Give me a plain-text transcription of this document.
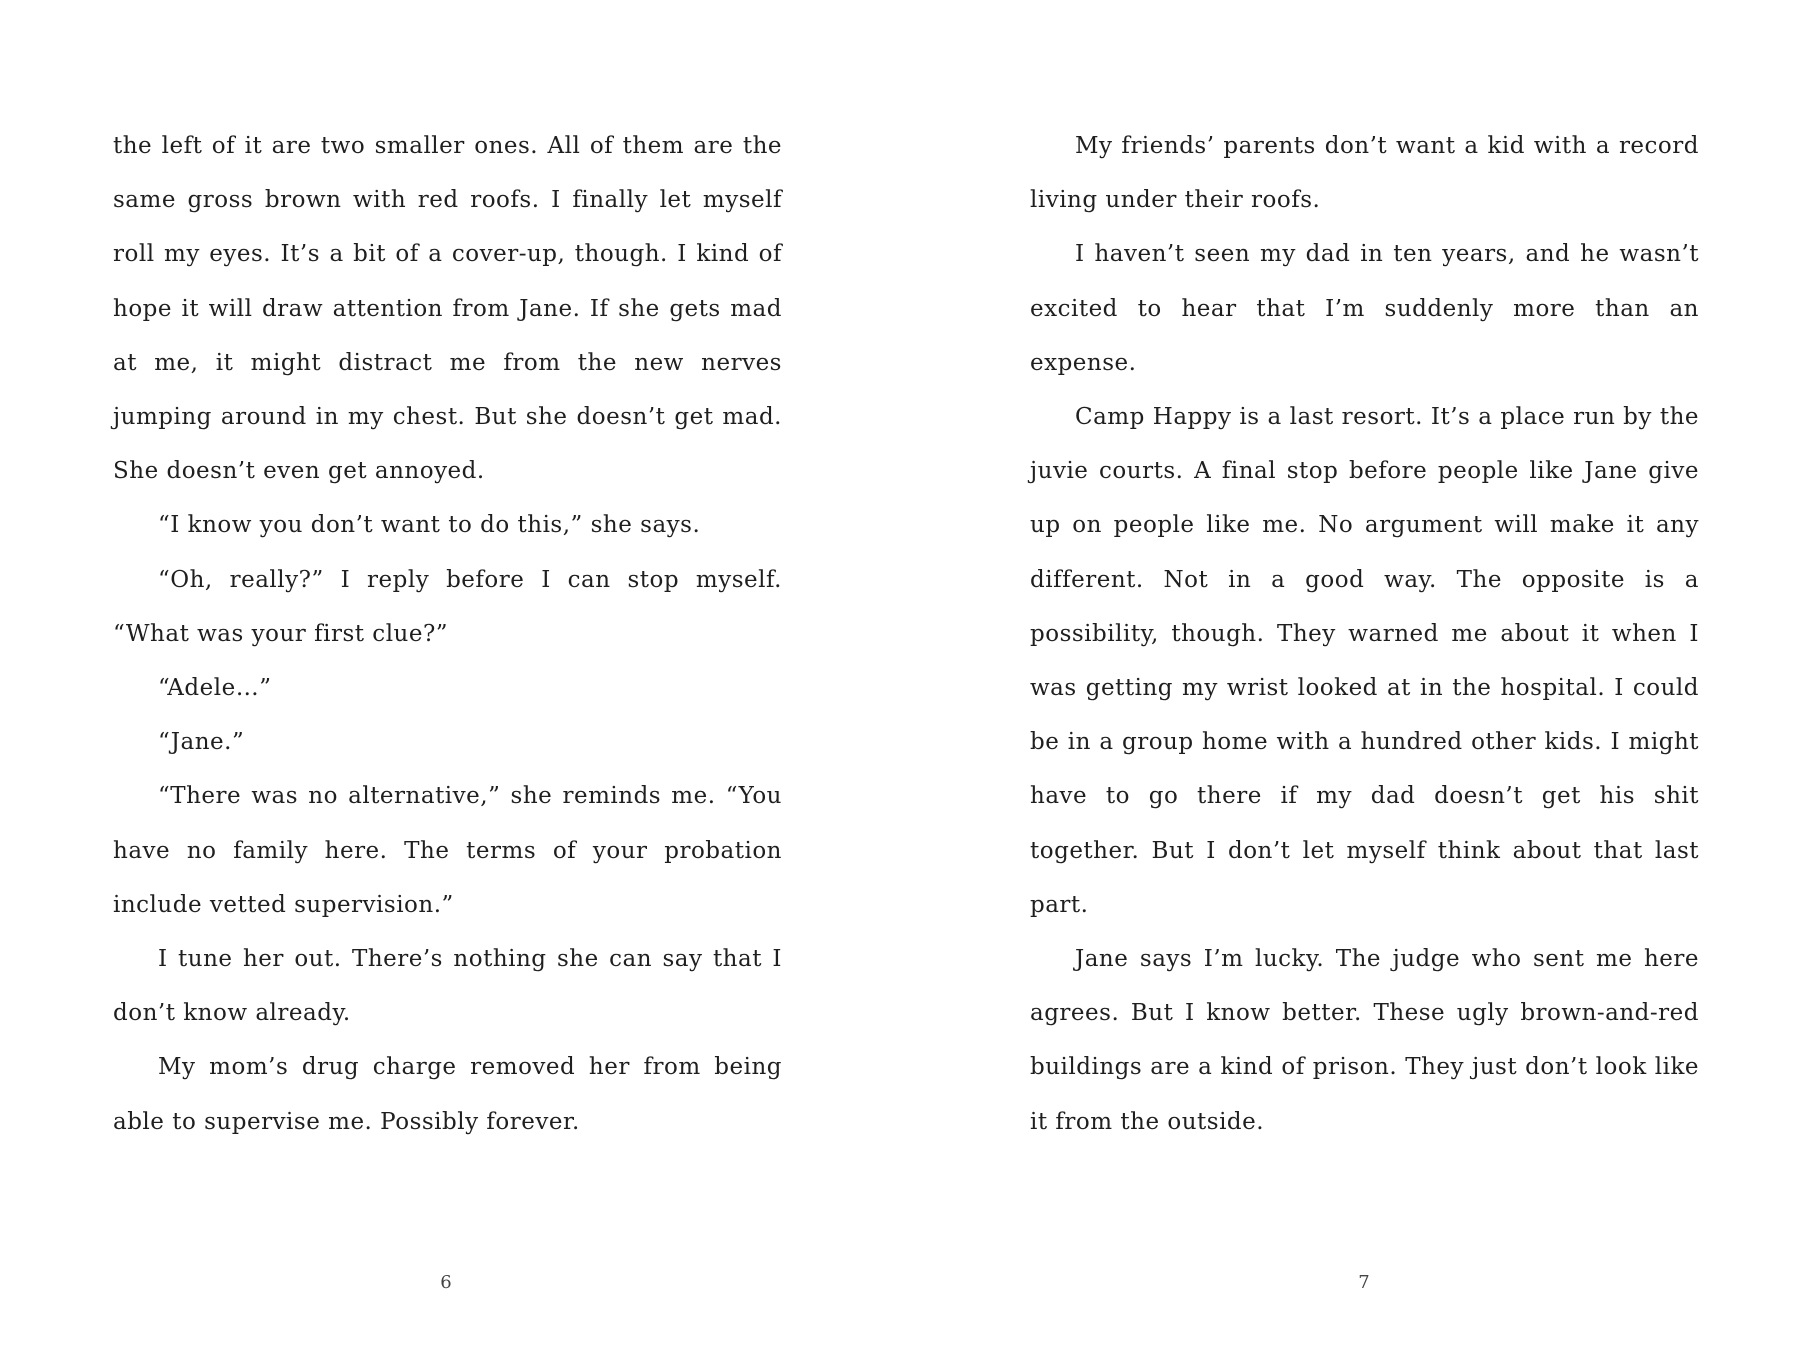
the left of it are two smaller ones. All of them are the same gross brown with red roofs. I finally let myself roll my eyes. It’s a bit of a cover-up, though. I kind of hope it will draw attention from Jane. If she gets mad at me, it might distract me from the new nerves jumping around in my chest. But she doesn’t get mad. She doesn’t even get annoyed.

“I know you don’t want to do this,” she says.

“Oh, really?” I reply before I can stop myself. “What was your first clue?”

“Adele…”

“Jane.”

“There was no alternative,” she reminds me. “You have no family here. The terms of your probation include vetted supervision.”

I tune her out. There’s nothing she can say that I don’t know already.

My mom’s drug charge removed her from being able to supervise me. Possibly forever.

My friends’ parents don’t want a kid with a record living under their roofs.

I haven’t seen my dad in ten years, and he wasn’t excited to hear that I’m suddenly more than an expense.

Camp Happy is a last resort. It’s a place run by the juvie courts. A final stop before people like Jane give up on people like me. No argument will make it any different. Not in a good way. The opposite is a possibility, though. They warned me about it when I was getting my wrist looked at in the hospital. I could be in a group home with a hundred other kids. I might have to go there if my dad doesn’t get his shit together. But I don’t let myself think about that last part.

Jane says I’m lucky. The judge who sent me here agrees. But I know better. These ugly brown-and-red buildings are a kind of prison. They just don’t look like it from the outside.

6	7
